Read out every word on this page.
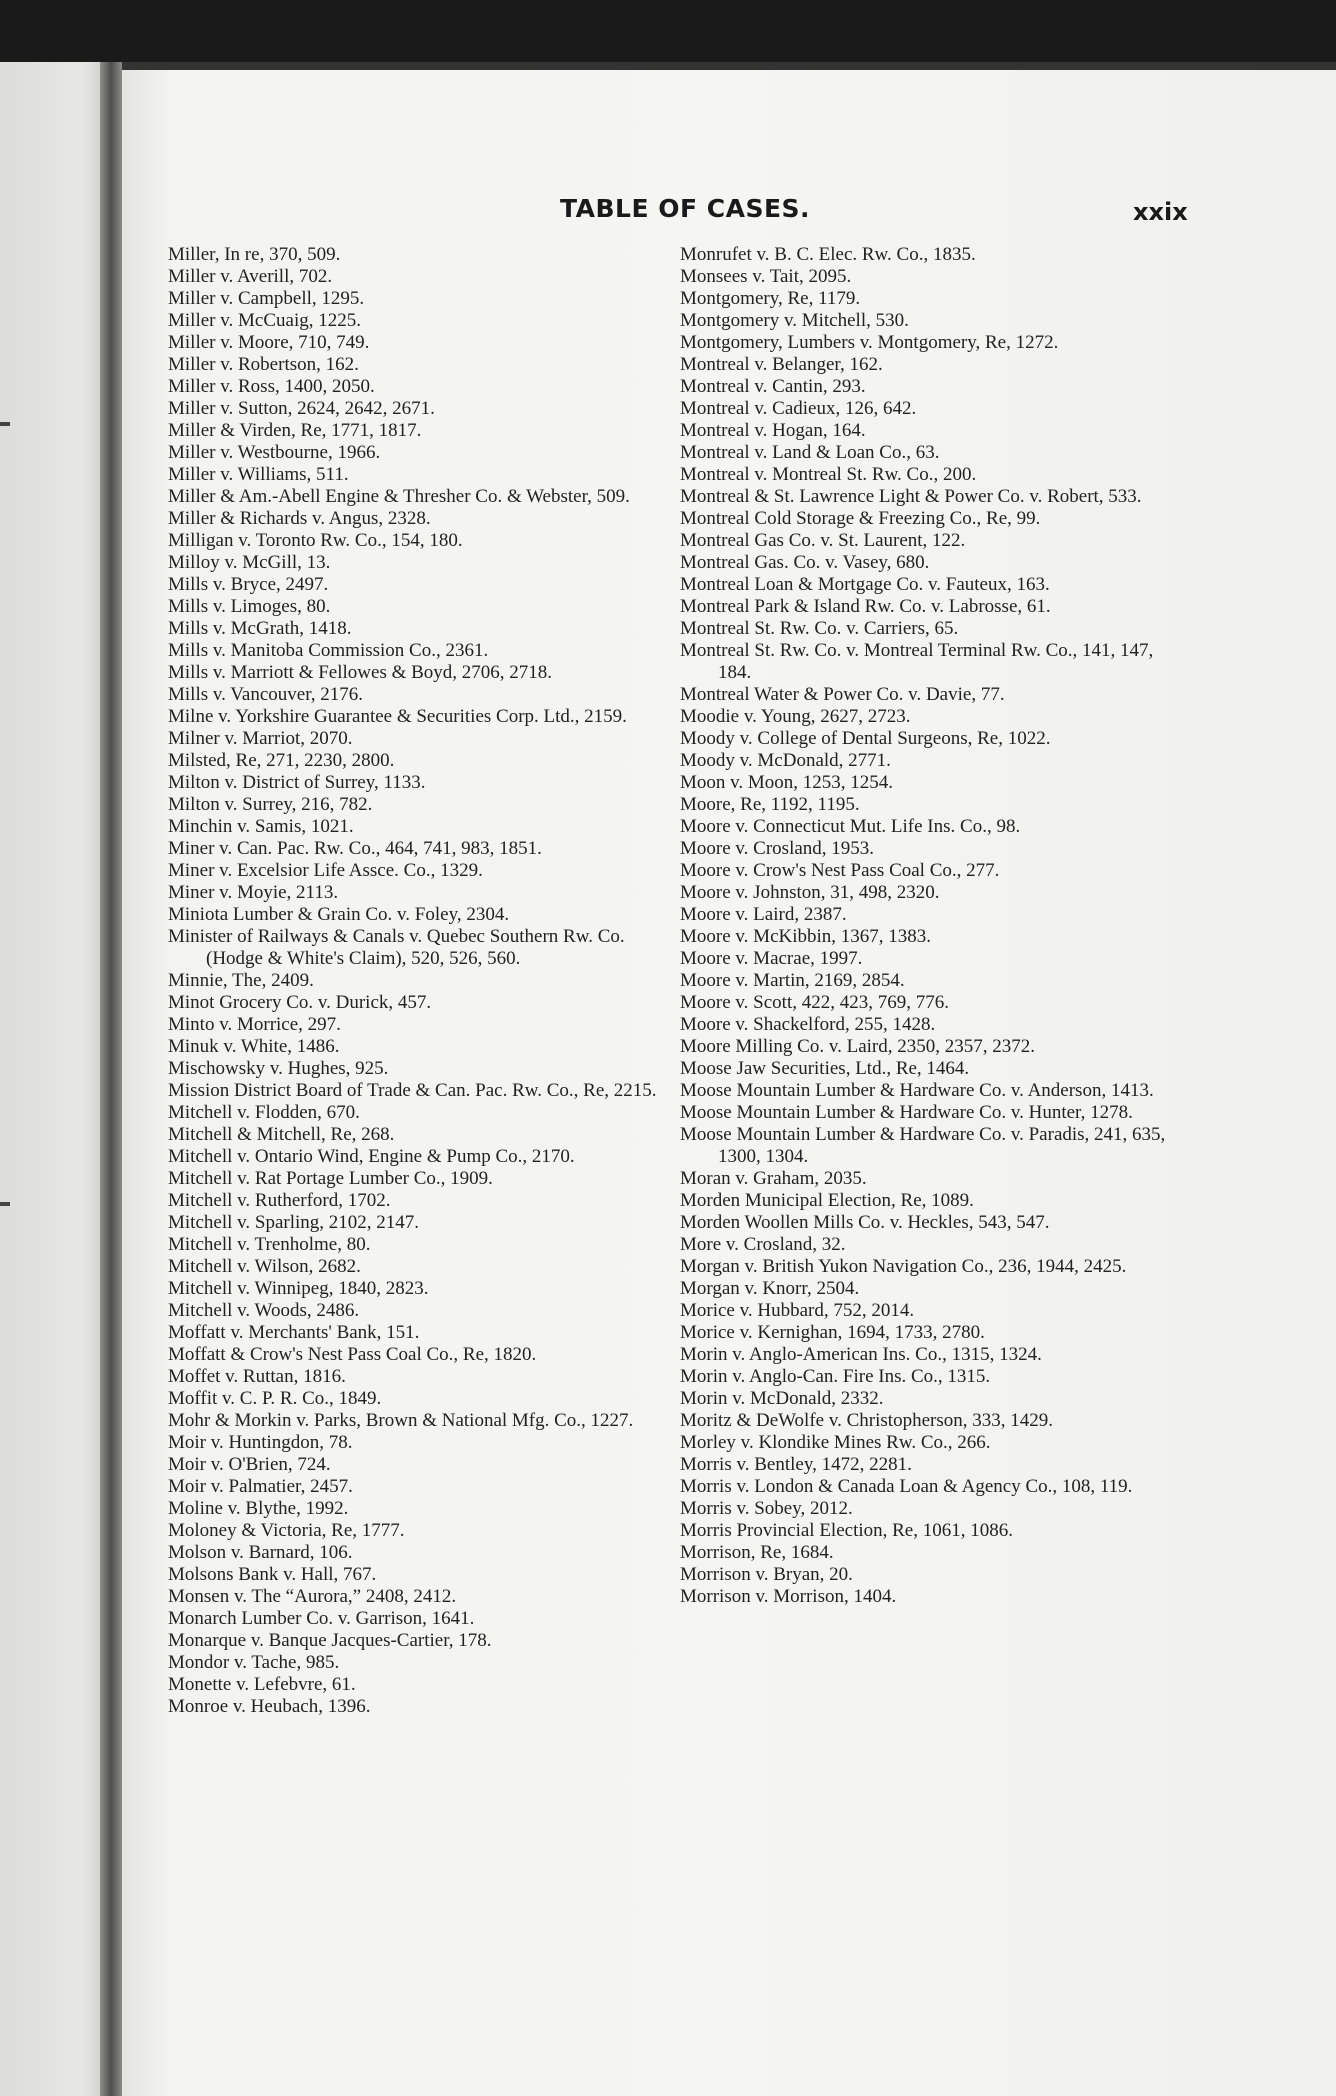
TABLE OF CASES.	xxix
Miller, In re, 370, 509.
Miller v. Averill, 702.
Miller v. Campbell, 1295.
Miller v. McCuaig, 1225.
Miller v. Moore, 710, 749.
Miller v. Robertson, 162.
Miller v. Ross, 1400, 2050.
Miller v. Sutton, 2624, 2642, 2671.
Miller & Virden, Re, 1771, 1817.
Miller v. Westbourne, 1966.
Miller v. Williams, 511.
Miller & Am.-Abell Engine & Thresher Co. & Webster, 509.
Miller & Richards v. Angus, 2328.
Milligan v. Toronto Rw. Co., 154, 180.
Milloy v. McGill, 13.
Mills v. Bryce, 2497.
Mills v. Limoges, 80.
Mills v. McGrath, 1418.
Mills v. Manitoba Commission Co., 2361.
Mills v. Marriott & Fellowes & Boyd, 2706, 2718.
Mills v. Vancouver, 2176.
Milne v. Yorkshire Guarantee & Securities Corp. Ltd., 2159.
Milner v. Marriot, 2070.
Milsted, Re, 271, 2230, 2800.
Milton v. District of Surrey, 1133.
Milton v. Surrey, 216, 782.
Minchin v. Samis, 1021.
Miner v. Can. Pac. Rw. Co., 464, 741, 983, 1851.
Miner v. Excelsior Life Assce. Co., 1329.
Miner v. Moyie, 2113.
Miniota Lumber & Grain Co. v. Foley, 2304.
Minister of Railways & Canals v. Quebec Southern Rw. Co. (Hodge & White's Claim), 520, 526, 560.
Minnie, The, 2409.
Minot Grocery Co. v. Durick, 457.
Minto v. Morrice, 297.
Minuk v. White, 1486.
Mischowsky v. Hughes, 925.
Mission District Board of Trade & Can. Pac. Rw. Co., Re, 2215.
Mitchell v. Flodden, 670.
Mitchell & Mitchell, Re, 268.
Mitchell v. Ontario Wind, Engine & Pump Co., 2170.
Mitchell v. Rat Portage Lumber Co., 1909.
Mitchell v. Rutherford, 1702.
Mitchell v. Sparling, 2102, 2147.
Mitchell v. Trenholme, 80.
Mitchell v. Wilson, 2682.
Mitchell v. Winnipeg, 1840, 2823.
Mitchell v. Woods, 2486.
Moffatt v. Merchants' Bank, 151.
Moffatt & Crow's Nest Pass Coal Co., Re, 1820.
Moffet v. Ruttan, 1816.
Moffit v. C. P. R. Co., 1849.
Mohr & Morkin v. Parks, Brown & National Mfg. Co., 1227.
Moir v. Huntingdon, 78.
Moir v. O'Brien, 724.
Moir v. Palmatier, 2457.
Moline v. Blythe, 1992.
Moloney & Victoria, Re, 1777.
Molson v. Barnard, 106.
Molsons Bank v. Hall, 767.
Monsen v. The “Aurora,” 2408, 2412.
Monarch Lumber Co. v. Garrison, 1641.
Monarque v. Banque Jacques-Cartier, 178.
Mondor v. Tache, 985.
Monette v. Lefebvre, 61.
Monroe v. Heubach, 1396.
Monrufet v. B. C. Elec. Rw. Co., 1835.
Monsees v. Tait, 2095.
Montgomery, Re, 1179.
Montgomery v. Mitchell, 530.
Montgomery, Lumbers v. Montgomery, Re, 1272.
Montreal v. Belanger, 162.
Montreal v. Cantin, 293.
Montreal v. Cadieux, 126, 642.
Montreal v. Hogan, 164.
Montreal v. Land & Loan Co., 63.
Montreal v. Montreal St. Rw. Co., 200.
Montreal & St. Lawrence Light & Power Co. v. Robert, 533.
Montreal Cold Storage & Freezing Co., Re, 99.
Montreal Gas Co. v. St. Laurent, 122.
Montreal Gas. Co. v. Vasey, 680.
Montreal Loan & Mortgage Co. v. Fauteux, 163.
Montreal Park & Island Rw. Co. v. Labrosse, 61.
Montreal St. Rw. Co. v. Carriers, 65.
Montreal St. Rw. Co. v. Montreal Terminal Rw. Co., 141, 147, 184.
Montreal Water & Power Co. v. Davie, 77.
Moodie v. Young, 2627, 2723.
Moody v. College of Dental Surgeons, Re, 1022.
Moody v. McDonald, 2771.
Moon v. Moon, 1253, 1254.
Moore, Re, 1192, 1195.
Moore v. Connecticut Mut. Life Ins. Co., 98.
Moore v. Crosland, 1953.
Moore v. Crow's Nest Pass Coal Co., 277.
Moore v. Johnston, 31, 498, 2320.
Moore v. Laird, 2387.
Moore v. McKibbin, 1367, 1383.
Moore v. Macrae, 1997.
Moore v. Martin, 2169, 2854.
Moore v. Scott, 422, 423, 769, 776.
Moore v. Shackelford, 255, 1428.
Moore Milling Co. v. Laird, 2350, 2357, 2372.
Moose Jaw Securities, Ltd., Re, 1464.
Moose Mountain Lumber & Hardware Co. v. Anderson, 1413.
Moose Mountain Lumber & Hardware Co. v. Hunter, 1278.
Moose Mountain Lumber & Hardware Co. v. Paradis, 241, 635, 1300, 1304.
Moran v. Graham, 2035.
Morden Municipal Election, Re, 1089.
Morden Woollen Mills Co. v. Heckles, 543, 547.
More v. Crosland, 32.
Morgan v. British Yukon Navigation Co., 236, 1944, 2425.
Morgan v. Knorr, 2504.
Morice v. Hubbard, 752, 2014.
Morice v. Kernighan, 1694, 1733, 2780.
Morin v. Anglo-American Ins. Co., 1315, 1324.
Morin v. Anglo-Can. Fire Ins. Co., 1315.
Morin v. McDonald, 2332.
Moritz & DeWolfe v. Christopherson, 333, 1429.
Morley v. Klondike Mines Rw. Co., 266.
Morris v. Bentley, 1472, 2281.
Morris v. London & Canada Loan & Agency Co., 108, 119.
Morris v. Sobey, 2012.
Morris Provincial Election, Re, 1061, 1086.
Morrison, Re, 1684.
Morrison v. Bryan, 20.
Morrison v. Morrison, 1404.
